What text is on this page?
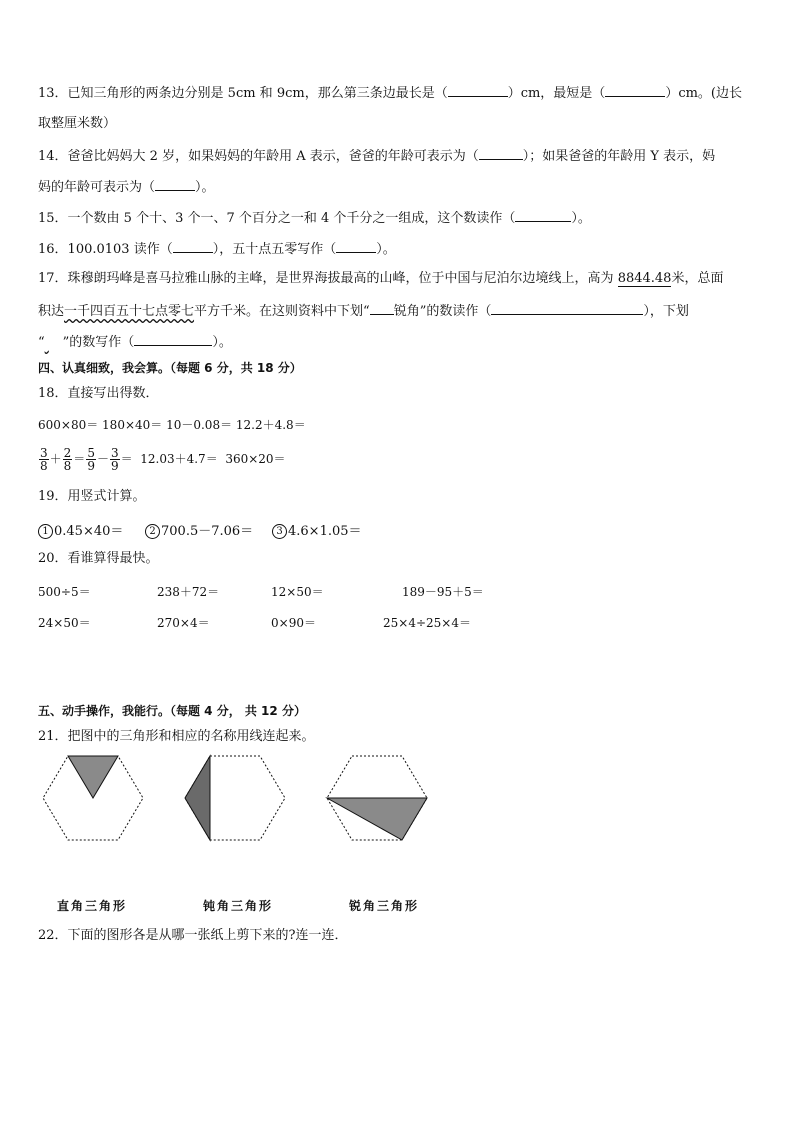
13．已知三角形的两条边分别是 5cm 和 9cm，那么第三条边最长是（	）cm，最短是（	）cm。(边长
取整厘米数）
14．爸爸比妈妈大 2 岁，如果妈妈的年龄用 A 表示，爸爸的年龄可表示为（	）；如果爸爸的年龄用 Y 表示，妈
妈的年龄可表示为（	）。
15．一个数由 5 个十、3 个一、7 个百分之一和 4 个千分之一组成，这个数读作（	）。
16．100.0103 读作（	），五十点五零写作（	）。
17．珠穆朗玛峰是喜马拉雅山脉的主峰，是世界海拔最高的山峰，位于中国与尼泊尔边境线上，高为 8844.48米，总面
积达一千四百五十七点零七平方千米。在这则资料中下划“ 锐角”的数读作（	），下划
“ ”的数写作（	）。
四、认真细致，我会算。（每题 6 分，共 18 分）
18．直接写出得数．
600×80＝ 180×40＝ 10－0.08＝ 12.2＋4.8＝
$\frac{3}{8} + \frac{2}{8} = \frac{5}{9} - \frac{3}{9} = 12.03+4.7= 360\times 20=$
19．用竖式计算。
1 0.45×40＝	2 700.5－7.06＝	3 4.6×1.05＝
20．看谁算得最快。
500÷5＝	238＋72＝	12×50＝	189－95＋5＝
24×50＝	270×4＝	0×90＝	25×4÷25×4＝
五、动手操作，我能行。（每题 4 分， 共 12 分）
21．把图中的三角形和相应的名称用线连起来。
直角三角形	钝角三角形	锐角三角形
22．下面的图形各是从哪一张纸上剪下来的?连一连．
